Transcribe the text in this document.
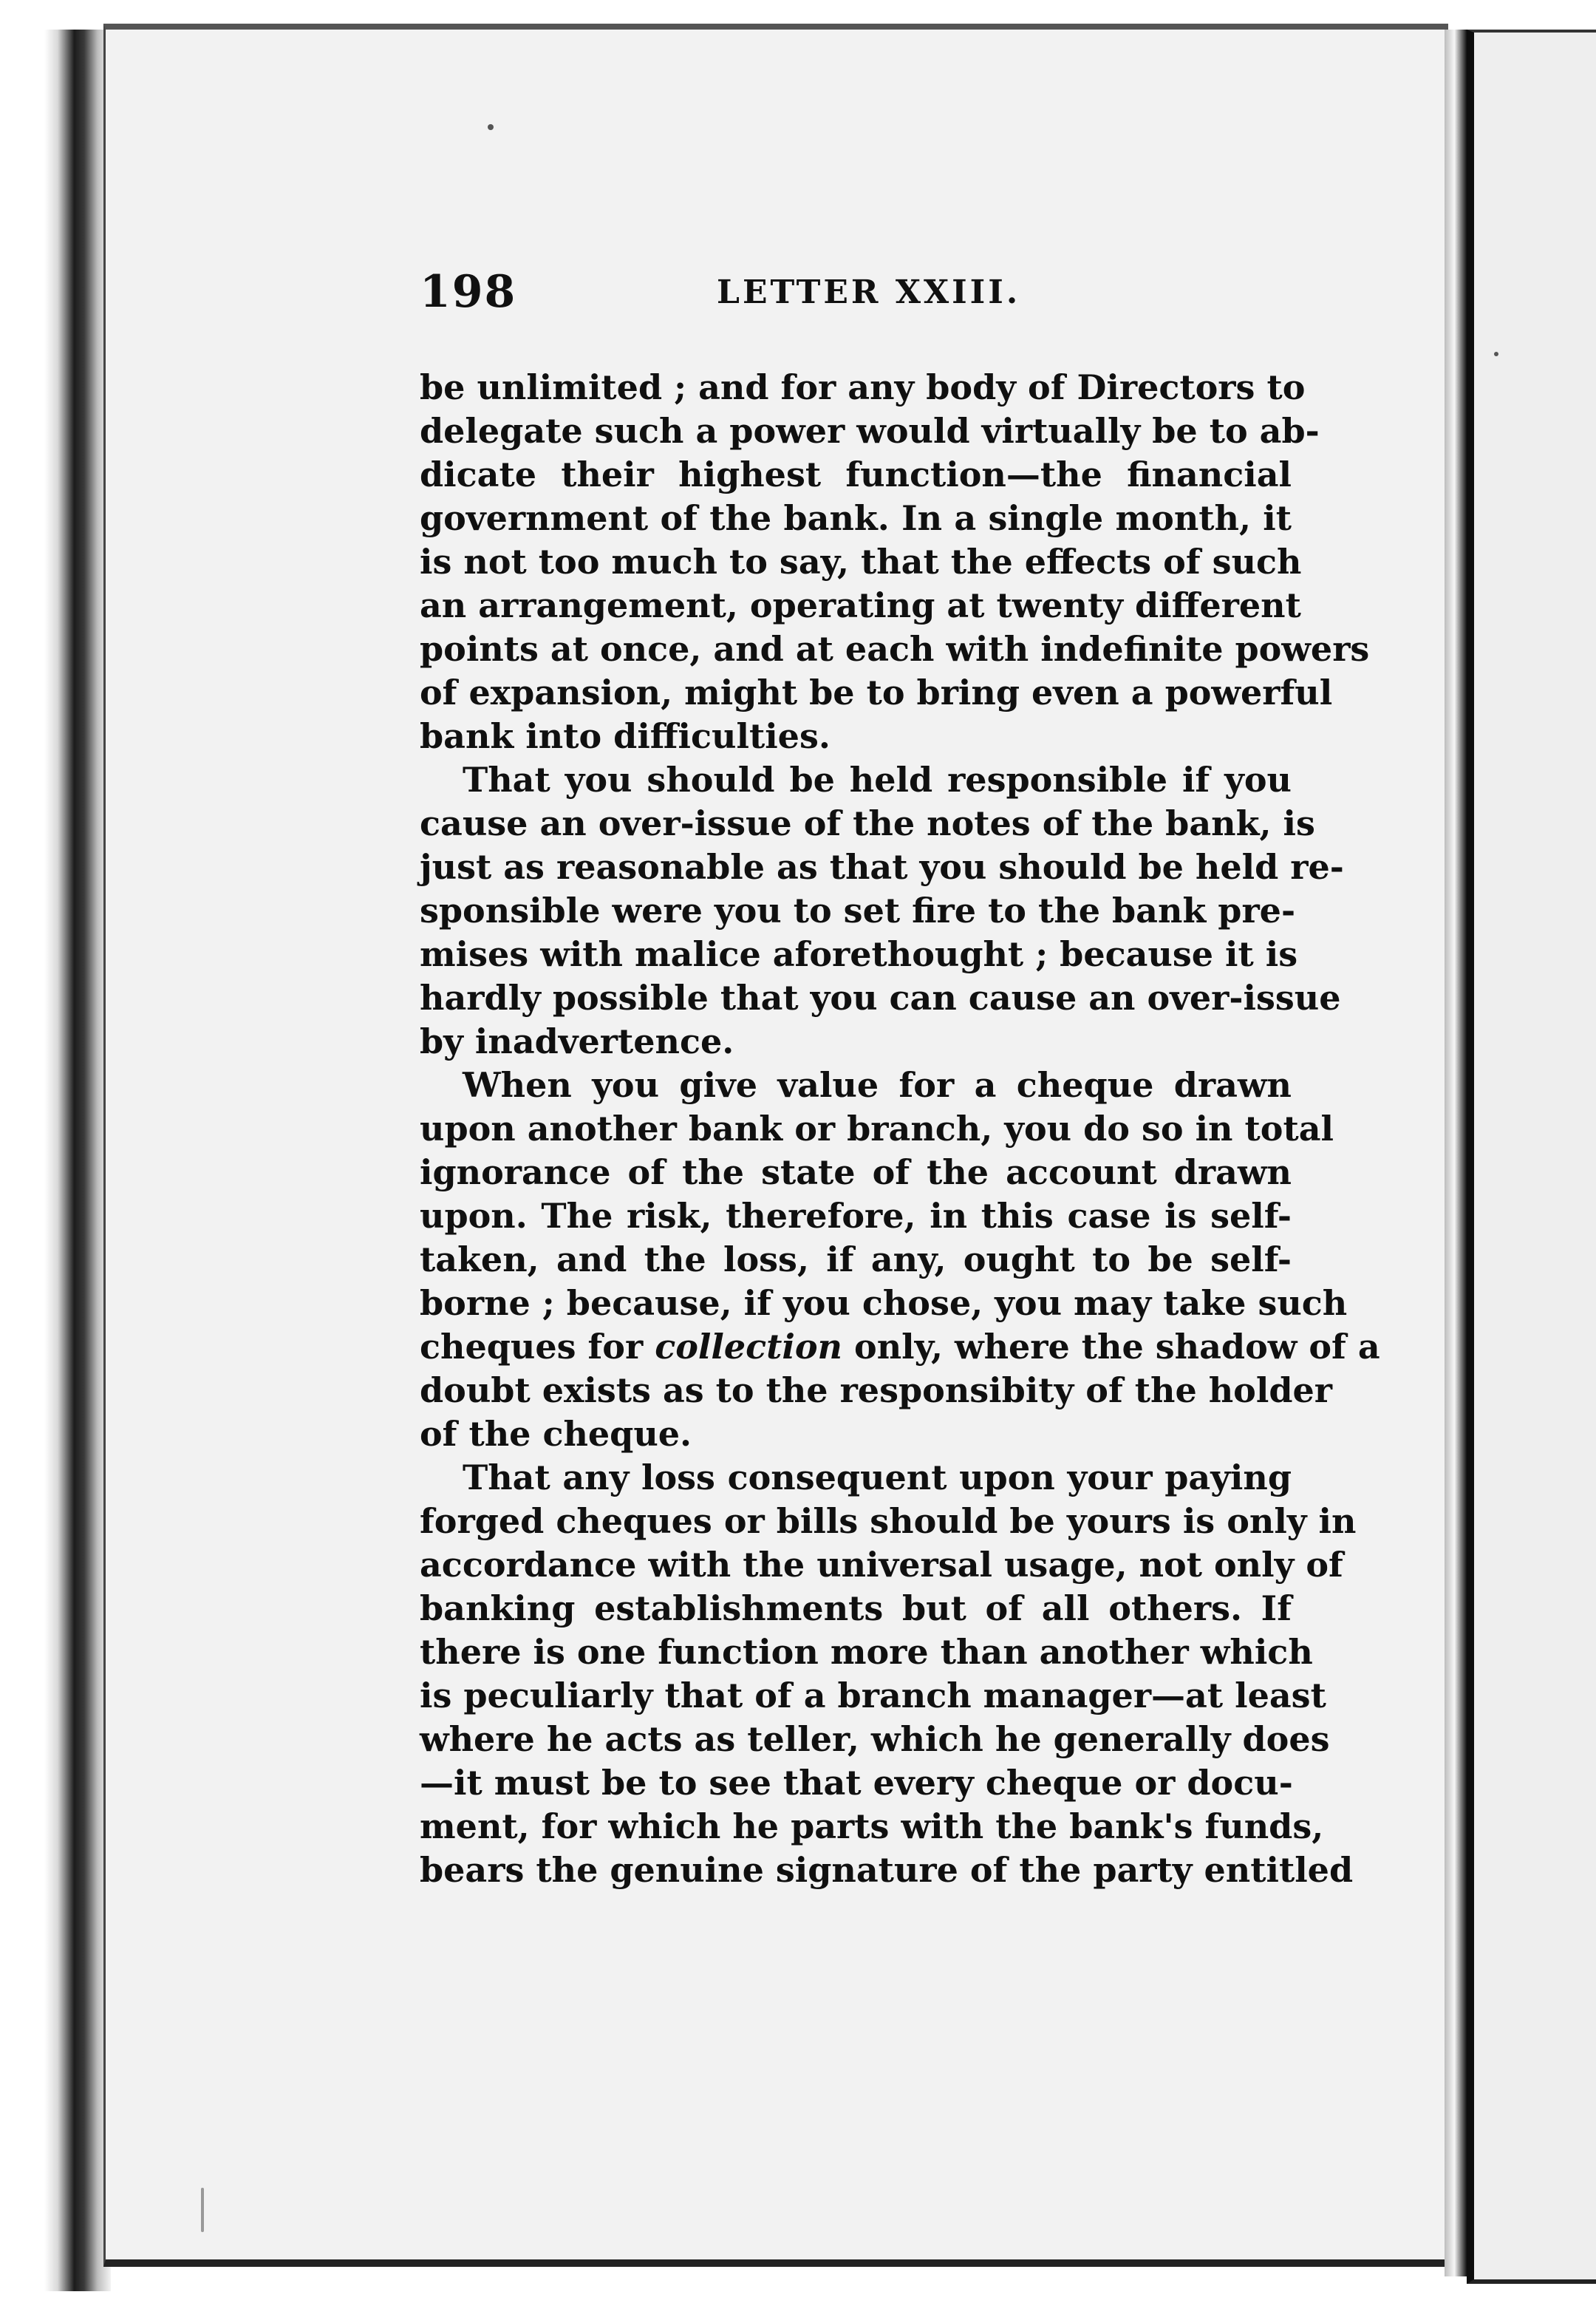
198	LETTER XXIII.
be unlimited ; and for any body of Directors to
delegate such a power would virtually be to ab-
dicate their highest function—the financial
government of the bank. In a single month, it
is not too much to say, that the effects of such
an arrangement, operating at twenty different
points at once, and at each with indefinite powers
of expansion, might be to bring even a powerful
bank into difficulties.
That you should be held responsible if you
cause an over-issue of the notes of the bank, is
just as reasonable as that you should be held re-
sponsible were you to set fire to the bank pre-
mises with malice aforethought ; because it is
hardly possible that you can cause an over-issue
by inadvertence.
When you give value for a cheque drawn
upon another bank or branch, you do so in total
ignorance of the state of the account drawn
upon. The risk, therefore, in this case is self-
taken, and the loss, if any, ought to be self-
borne ; because, if you chose, you may take such
cheques for collection only, where the shadow of a
doubt exists as to the responsibity of the holder
of the cheque.
That any loss consequent upon your paying
forged cheques or bills should be yours is only in
accordance with the universal usage, not only of
banking establishments but of all others. If
there is one function more than another which
is peculiarly that of a branch manager—at least
where he acts as teller, which he generally does
—it must be to see that every cheque or docu-
ment, for which he parts with the bank's funds,
bears the genuine signature of the party entitled
